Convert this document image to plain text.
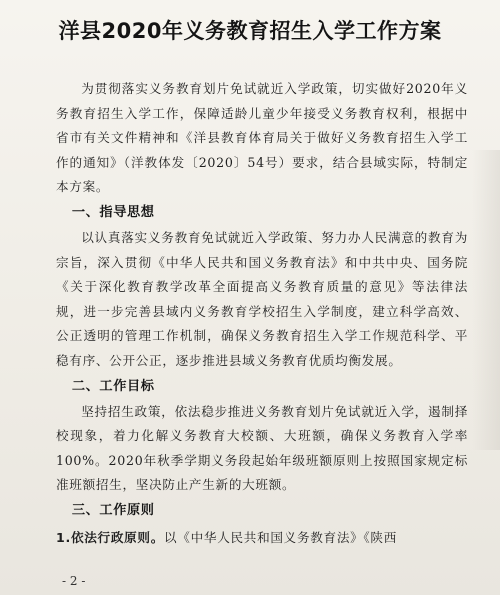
洋县2020年义务教育招生入学工作方案

为贯彻落实义务教育划片免试就近入学政策，切实做好2020年义务教育招生入学工作，保障适龄儿童少年接受义务教育权利，根据中省市有关文件精神和《洋县教育体育局关于做好义务教育招生入学工作的通知》（洋教体发〔2020〕54号）要求，结合县域实际，特制定本方案。

一、指导思想

以认真落实义务教育免试就近入学政策、努力办人民满意的教育为宗旨，深入贯彻《中华人民共和国义务教育法》和中共中央、国务院《关于深化教育教学改革全面提高义务教育质量的意见》等法律法规，进一步完善县域内义务教育学校招生入学制度，建立科学高效、公正透明的管理工作机制，确保义务教育招生入学工作规范科学、平稳有序、公开公正，逐步推进县域义务教育优质均衡发展。

二、工作目标

坚持招生政策，依法稳步推进义务教育划片免试就近入学，遏制择校现象，着力化解义务教育大校额、大班额，确保义务教育入学率100%。2020年秋季学期义务段起始年级班额原则上按照国家规定标准班额招生，坚决防止产生新的大班额。

三、工作原则

1.依法行政原则。以《中华人民共和国义务教育法》《陕西

- 2 -
